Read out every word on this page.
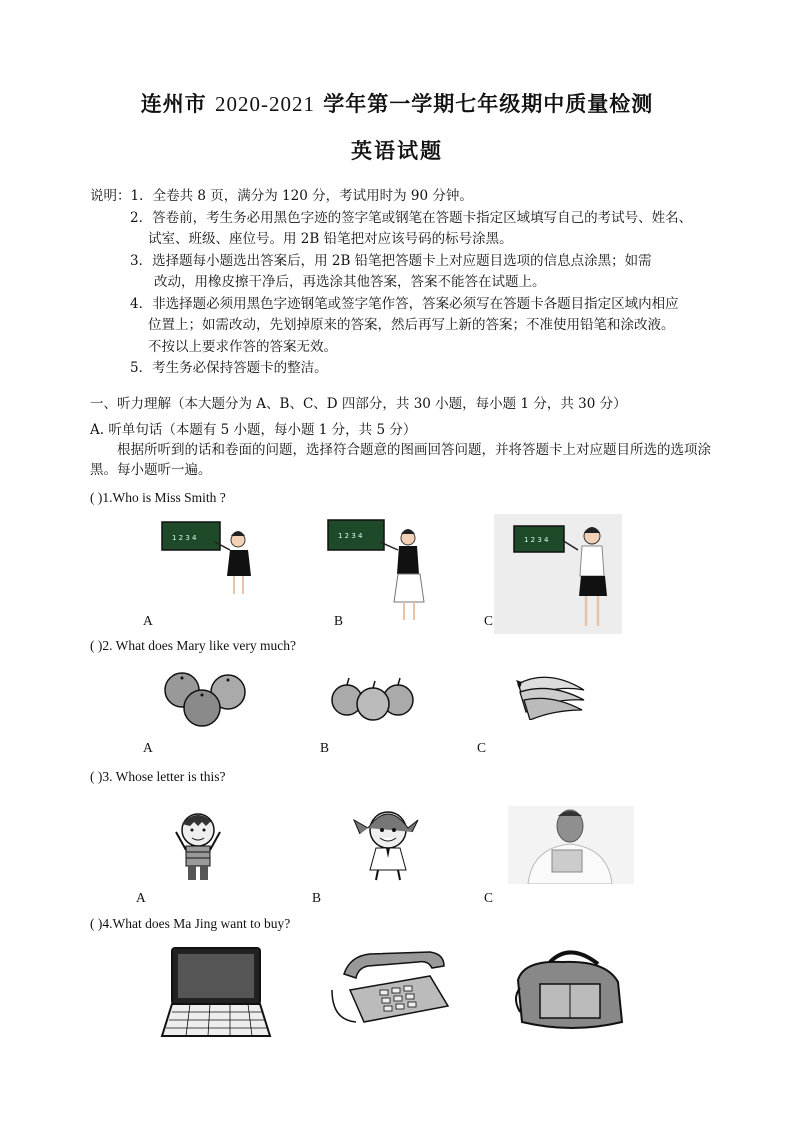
连州市 2020-2021 学年第一学期七年级期中质量检测
英语试题
说明：1．全卷共 8 页，满分为 120 分，考试用时为 90 分钟。
2．答卷前，考生务必用黑色字迹的签字笔或钢笔在答题卡指定区域填写自己的考试号、姓名、
试室、班级、座位号。用 2B 铅笔把对应该号码的标号涂黑。
3．选择题每小题选出答案后，用 2B 铅笔把答题卡上对应题目选项的信息点涂黑；如需
改动，用橡皮擦干净后，再选涂其他答案，答案不能答在试题上。
4．非选择题必须用黑色字迹钢笔或签字笔作答，答案必须写在答题卡各题目指定区域内相应
位置上；如需改动，先划掉原来的答案，然后再写上新的答案；不准使用铅笔和涂改液。
不按以上要求作答的答案无效。
5．考生务必保持答题卡的整洁。
一、听力理解（本大题分为 A、B、C、D 四部分，共 30 小题，每小题 1 分，共 30 分）
A. 听单句话（本题有 5 小题，每小题 1 分，共 5 分）
根据所听到的话和卷面的问题，选择符合题意的图画回答问题，并将答题卡上对应题目所选的选项涂黑。每小题听一遍。
( )1.Who is Miss Smith ?
1 2 3 4	1 2 3 4	1 2 3 4
A	B	C
( )2. What does Mary like very much?
A	B	C
( )3. Whose letter is this?
A	B	C
( )4.What does Ma Jing want to buy?
